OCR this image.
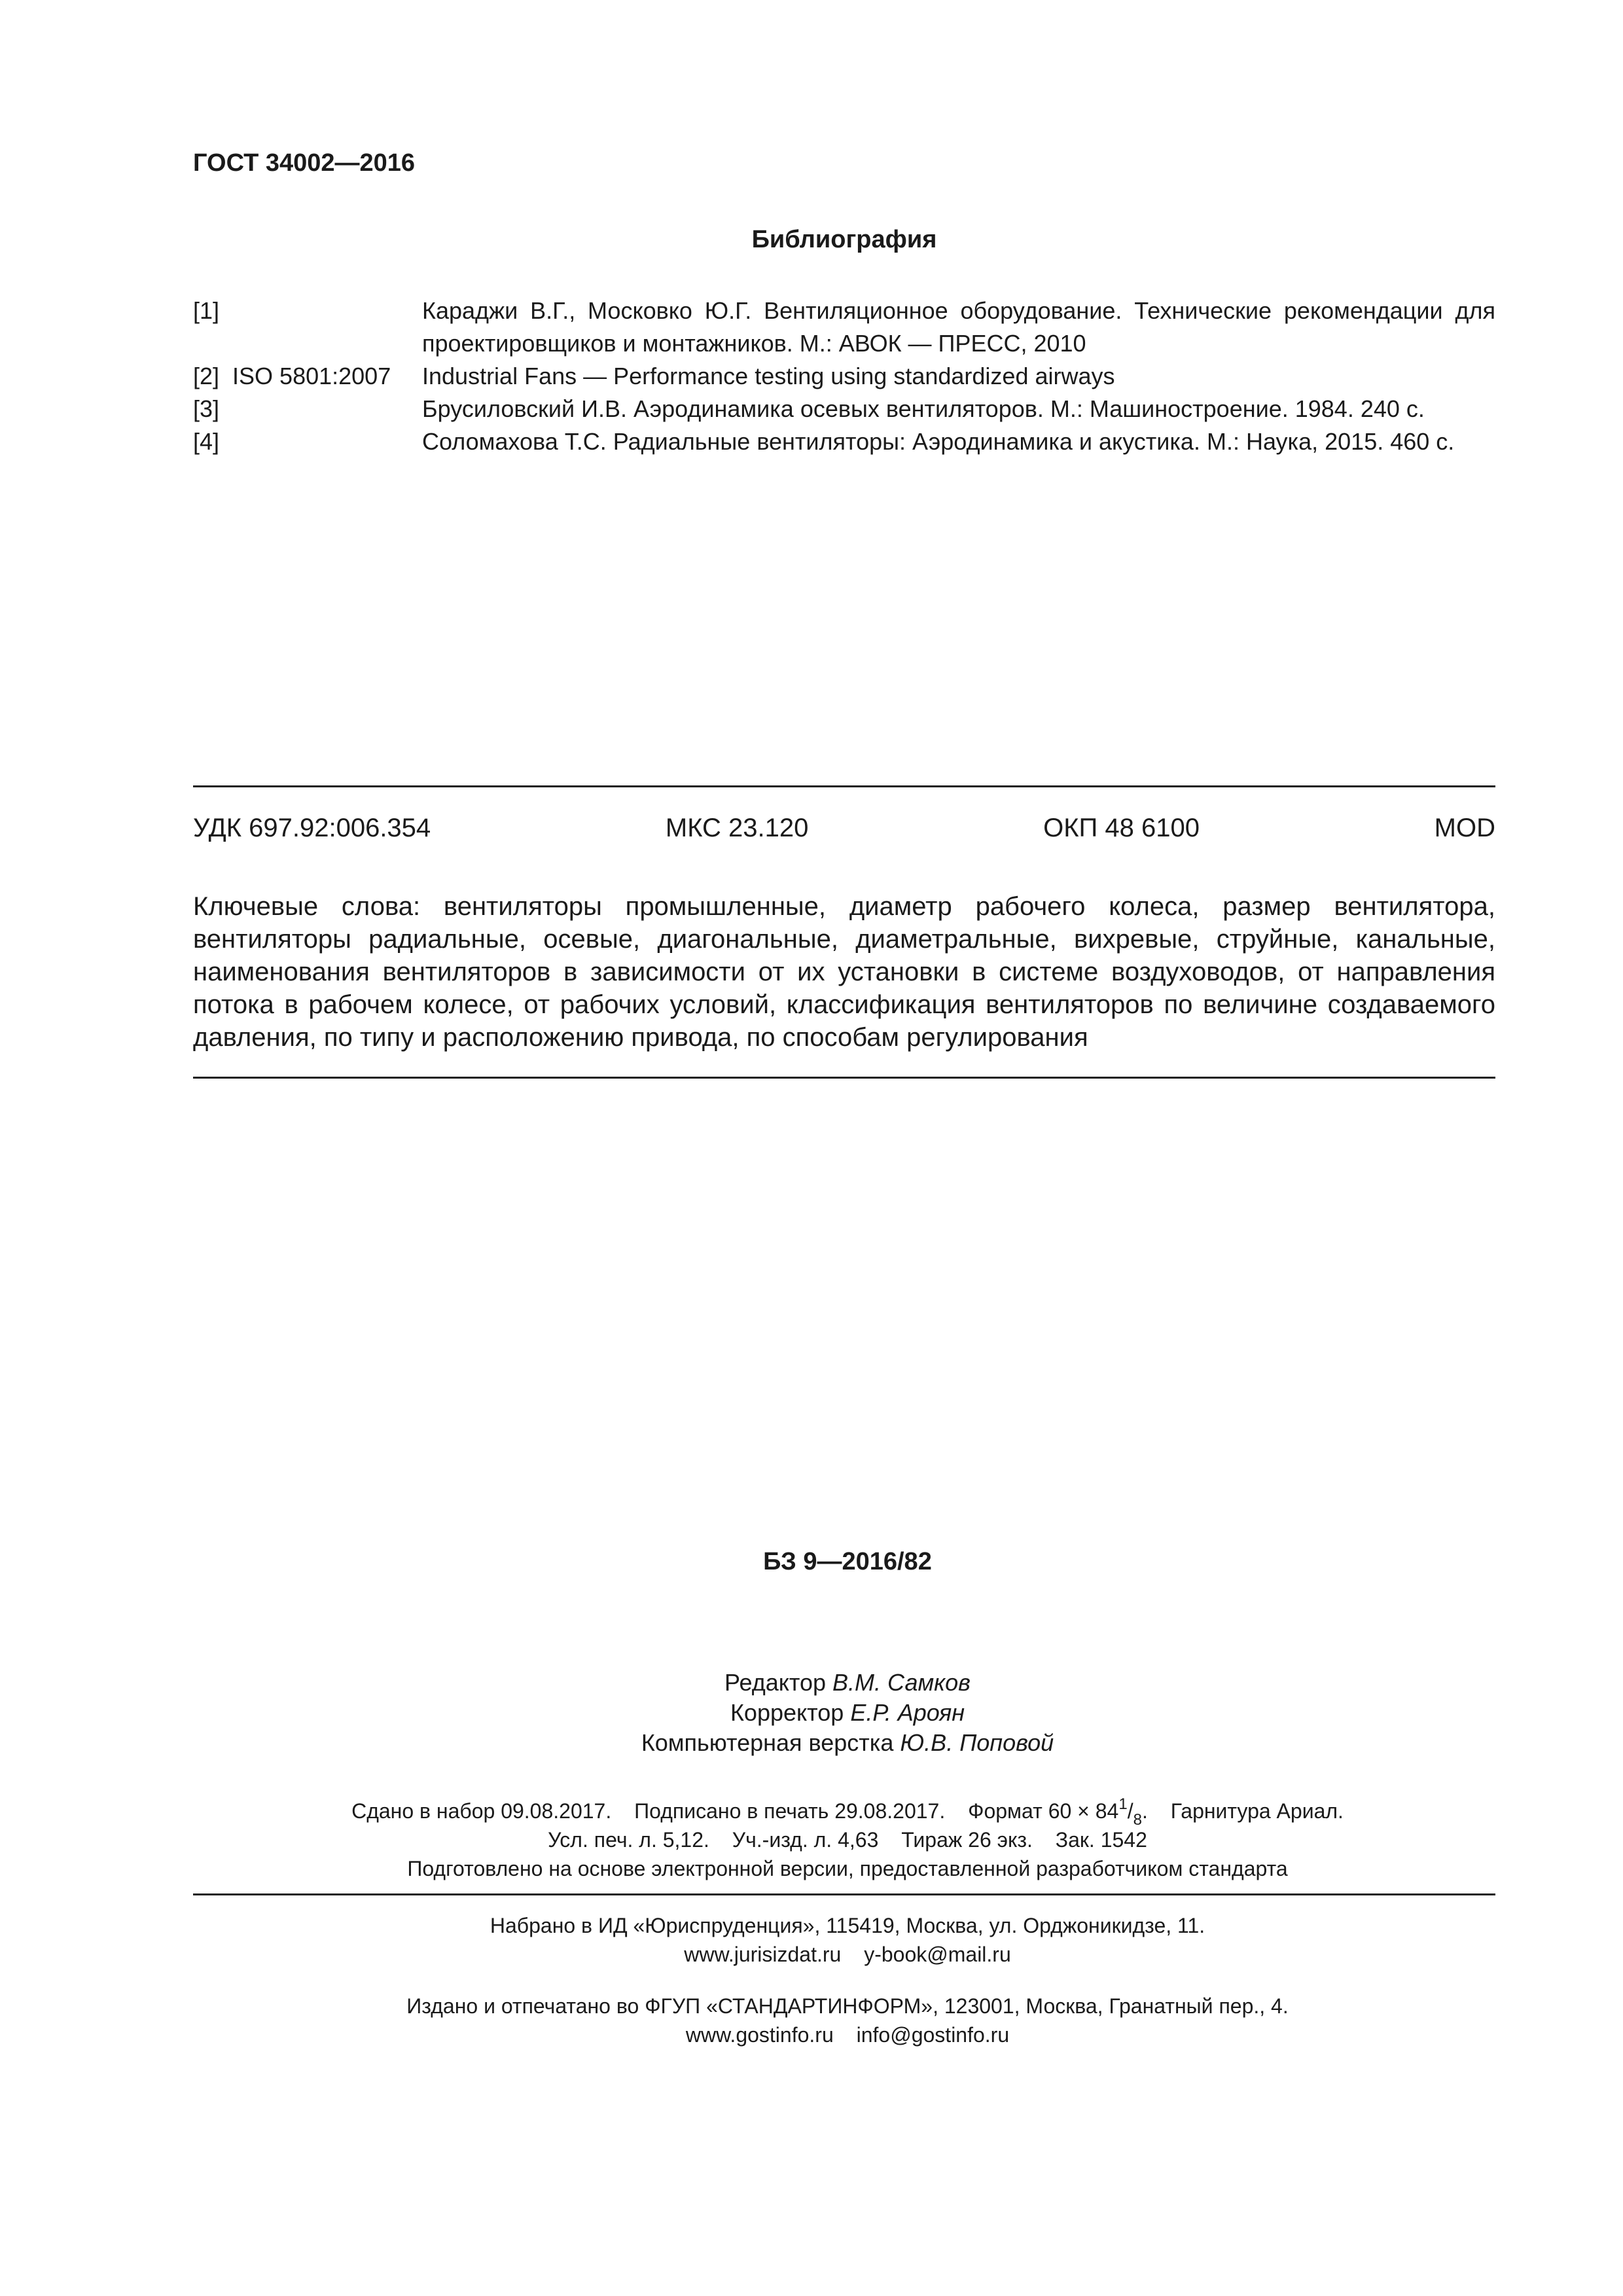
ГОСТ 34002—2016
Библиография
[1]	Караджи В.Г., Московко Ю.Г. Вентиляционное оборудование. Технические рекомендации для проектировщиков и монтажников. М.: АВОК — ПРЕСС, 2010
[2]  ISO 5801:2007	Industrial Fans — Performance testing using standardized airways
[3]	Брусиловский И.В. Аэродинамика осевых вентиляторов. М.: Машиностроение. 1984. 240 с.
[4]	Соломахова Т.С. Радиальные вентиляторы: Аэродинамика и акустика. М.: Наука, 2015. 460 с.
УДК 697.92:006.354	МКС 23.120	ОКП 48 6100	MOD

Ключевые слова: вентиляторы промышленные, диаметр рабочего колеса, размер вентилятора, вентиляторы радиальные, осевые, диагональные, диаметральные, вихревые, струйные, канальные, наименования вентиляторов в зависимости от их установки в системе воздуховодов, от направления потока в рабочем колесе, от рабочих условий, классификация вентиляторов по величине создаваемого давления, по типу и расположению привода, по способам регулирования

БЗ 9—2016/82
Редактор В.М. Самков
Корректор Е.Р. Ароян
Компьютерная верстка Ю.В. Поповой
Сдано в набор 09.08.2017. Подписано в печать 29.08.2017. Формат $60 \times 84^1/_8$. Гарнитура Ариал.
Усл. печ. л. 5,12. Уч.-изд. л. 4,63 Тираж 26 экз. Зак. 1542
Подготовлено на основе электронной версии, предоставленной разработчиком стандарта
Набрано в ИД «Юриспруденция», 115419, Москва, ул. Орджоникидзе, 11.
www.jurisizdat.ru y-book@mail.ru
Издано и отпечатано во ФГУП «СТАНДАРТИНФОРМ», 123001, Москва, Гранатный пер., 4.
www.gostinfo.ru info@gostinfo.ru
